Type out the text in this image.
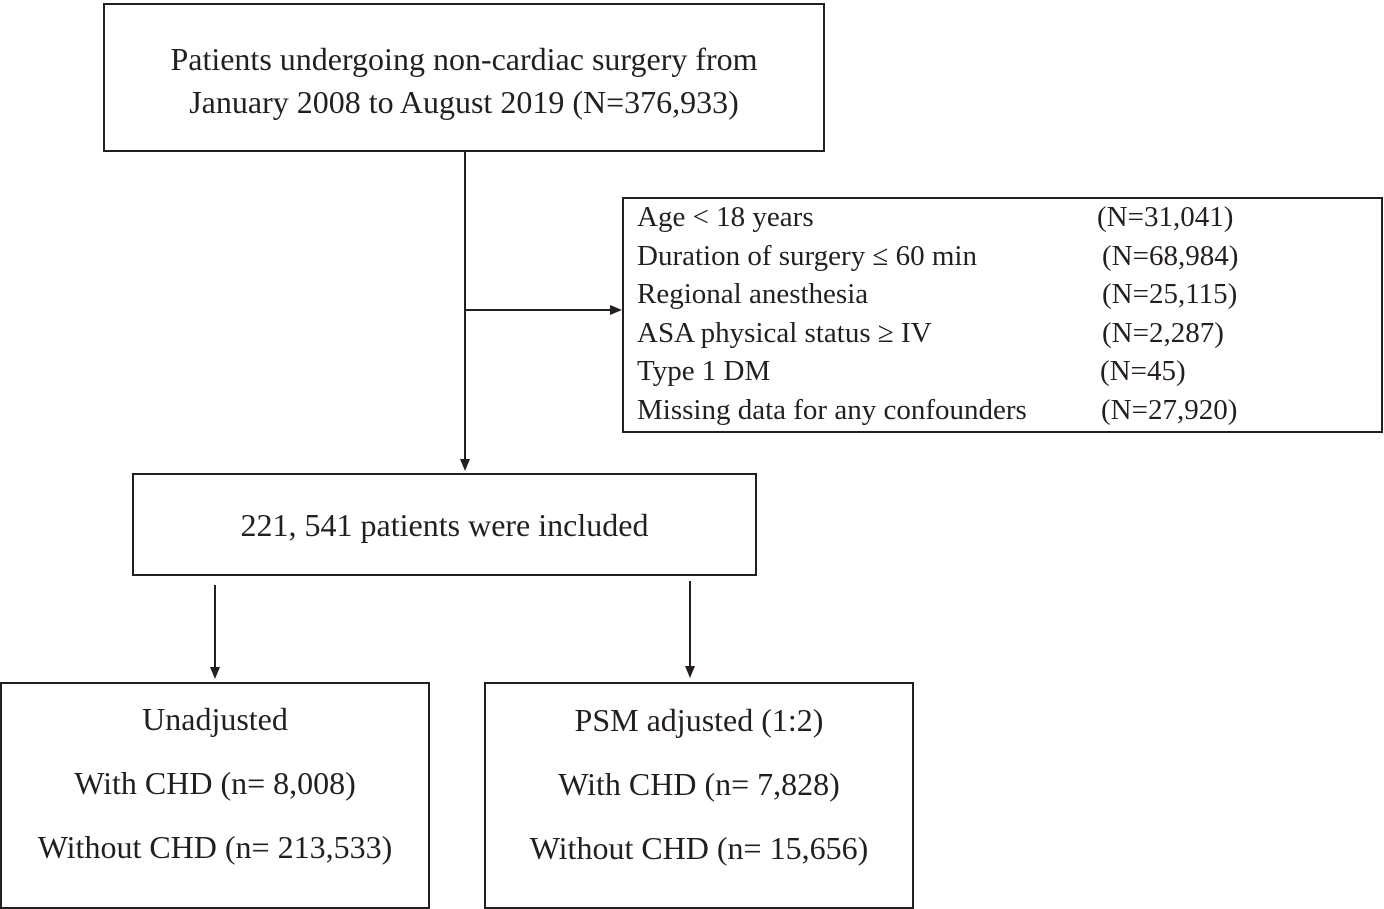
Patients undergoing non-cardiac surgery from
January 2008 to August 2019 (N=376,933)
Age < 18 years	(N=31,041)
Duration of surgery ≤ 60 min	(N=68,984)
Regional anesthesia	(N=25,115)
ASA physical status ≥ IV	(N=2,287)
Type 1 DM	(N=45)
Missing data for any confounders	(N=27,920)
221, 541 patients were included
Unadjusted
With CHD (n= 8,008)
Without CHD (n= 213,533)
PSM adjusted (1:2)
With CHD (n= 7,828)
Without CHD (n= 15,656)
